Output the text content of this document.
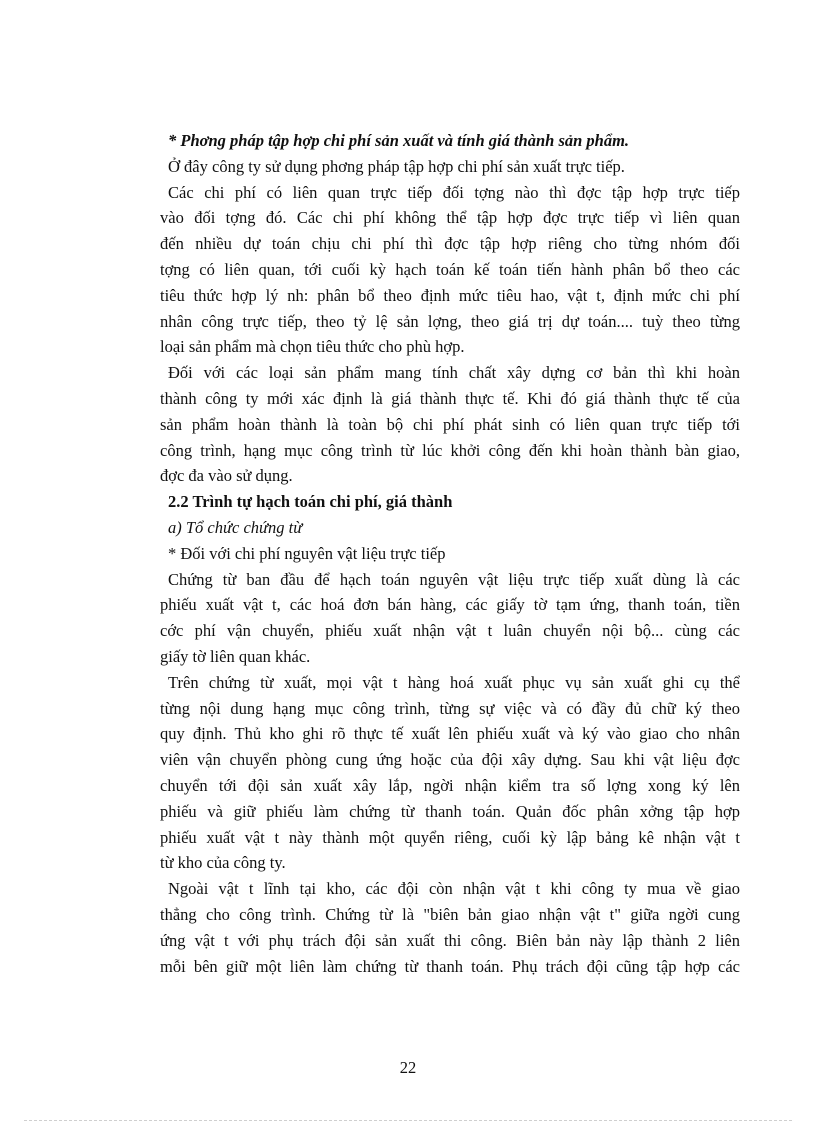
* Phơng pháp tập hợp chi phí sản xuất và tính giá thành sản phẩm.

Ở đây công ty sử dụng phơng pháp tập hợp chi phí sản xuất trực tiếp.

Các chi phí có liên quan trực tiếp đối tợng nào thì đợc tập hợp trực tiếp

vào đối tợng đó. Các chi phí không thể tập hợp đợc trực tiếp vì liên quan

đến nhiều dự toán chịu chi phí thì đợc tập hợp riêng cho từng nhóm đối

tợng có liên quan, tới cuối kỳ hạch toán kế toán tiến hành phân bổ theo các

tiêu thức hợp lý nh: phân bổ theo định mức tiêu hao, vật t, định mức chi phí

nhân công trực tiếp, theo tỷ lệ sản lợng, theo giá trị dự toán.... tuỳ theo từng

loại sản phẩm mà chọn tiêu thức cho phù hợp.

Đối với các loại sản phẩm mang tính chất xây dựng cơ bản thì khi hoàn

thành công ty mới xác định là giá thành thực tế. Khi đó giá thành thực tế của

sản phẩm hoàn thành là toàn bộ chi phí phát sinh có liên quan trực tiếp tới

công trình, hạng mục công trình từ lúc khởi công đến khi hoàn thành bàn giao,

đợc đa vào sử dụng.

2.2 Trình tự hạch toán chi phí, giá thành

a) Tổ chức chứng từ

* Đối với chi phí nguyên vật liệu trực tiếp

Chứng từ ban đầu để hạch toán nguyên vật liệu trực tiếp xuất dùng là các

phiếu xuất vật t, các hoá đơn bán hàng, các giấy tờ tạm ứng, thanh toán, tiền

cớc phí vận chuyển, phiếu xuất nhận vật t luân chuyển nội bộ... cùng các

giấy tờ liên quan khác.

Trên chứng từ xuất, mọi vật t hàng hoá xuất phục vụ sản xuất ghi cụ thể

từng nội dung hạng mục công trình, từng sự việc và có đầy đủ chữ ký theo

quy định. Thủ kho ghi rõ thực tế xuất lên phiếu xuất và ký vào giao cho nhân

viên vận chuyển phòng cung ứng hoặc của đội xây dựng. Sau khi vật liệu đợc

chuyển tới đội sản xuất xây lắp, ngời nhận kiểm tra số lợng xong ký lên

phiếu và giữ phiếu làm chứng từ thanh toán. Quản đốc phân xởng tập hợp

phiếu xuất vật t này thành một quyển riêng, cuối kỳ lập bảng kê nhận vật t

từ kho của công ty.

Ngoài vật t lĩnh tại kho, các đội còn nhận vật t khi công ty mua về giao

thẳng cho công trình. Chứng từ là "biên bản giao nhận vật t" giữa ngời cung

ứng vật t với phụ trách đội sản xuất thi công. Biên bản này lập thành 2 liên

mỗi bên giữ một liên làm chứng từ thanh toán. Phụ trách đội cũng tập hợp các

22
